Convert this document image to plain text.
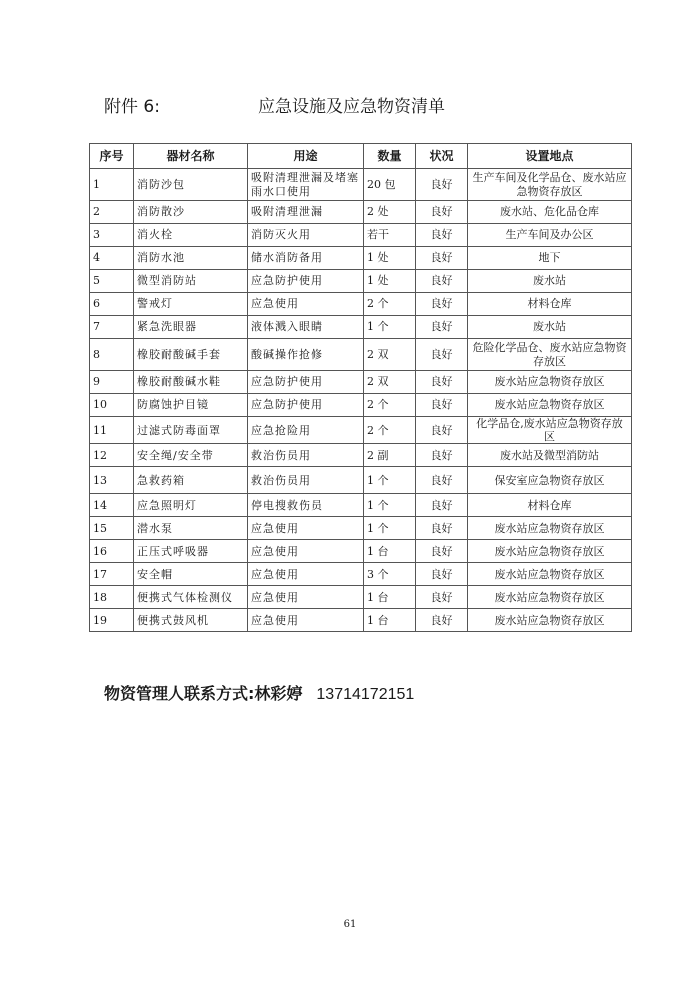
附件 6:	应急设施及应急物资清单
序号	器材名称	用途	数量	状况	设置地点
1	消防沙包	吸附清理泄漏及堵塞雨水口使用	20 包	良好	生产车间及化学品仓、废水站应急物资存放区
2	消防散沙	吸附清理泄漏	2 处	良好	废水站、危化品仓库
3	消火栓	消防灭火用	若干	良好	生产车间及办公区
4	消防水池	储水消防备用	1 处	良好	地下
5	微型消防站	应急防护使用	1 处	良好	废水站
6	警戒灯	应急使用	2 个	良好	材料仓库
7	紧急洗眼器	液体溅入眼睛	1 个	良好	废水站
8	橡胶耐酸碱手套	酸碱操作抢修	2 双	良好	危险化学品仓、废水站应急物资存放区
9	橡胶耐酸碱水鞋	应急防护使用	2 双	良好	废水站应急物资存放区
10	防腐蚀护目镜	应急防护使用	2 个	良好	废水站应急物资存放区
11	过滤式防毒面罩	应急抢险用	2 个	良好	化学品仓,废水站应急物资存放区
12	安全绳/安全带	救治伤员用	2 副	良好	废水站及微型消防站
13	急救药箱	救治伤员用	1 个	良好	保安室应急物资存放区
14	应急照明灯	停电搜救伤员	1 个	良好	材料仓库
15	潜水泵	应急使用	1 个	良好	废水站应急物资存放区
16	正压式呼吸器	应急使用	1 台	良好	废水站应急物资存放区
17	安全帽	应急使用	3 个	良好	废水站应急物资存放区
18	便携式气体检测仪	应急使用	1 台	良好	废水站应急物资存放区
19	便携式鼓风机	应急使用	1 台	良好	废水站应急物资存放区
物资管理人联系方式:林彩婷 13714172151
61
